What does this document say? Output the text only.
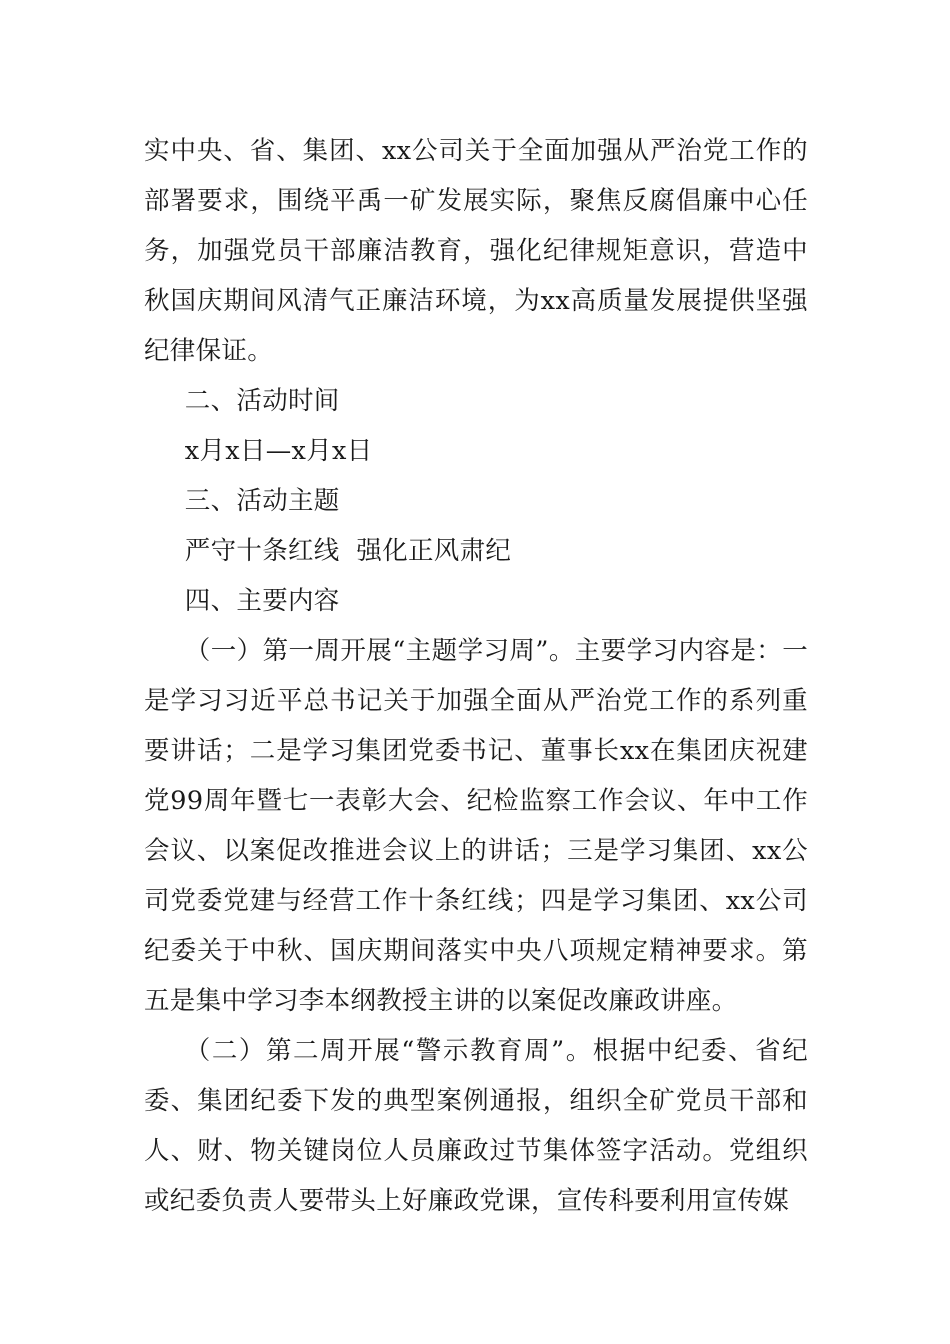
实中央、省、集团、xx公司关于全面加强从严治党工作的部署要求，围绕平禹一矿发展实际，聚焦反腐倡廉中心任务，加强党员干部廉洁教育，强化纪律规矩意识，营造中秋国庆期间风清气正廉洁环境，为xx高质量发展提供坚强纪律保证。

二、活动时间

x月x日—x月x日

三、活动主题

严守十条红线  强化正风肃纪

四、主要内容

（一）第一周开展“主题学习周”。主要学习内容是：一是学习习近平总书记关于加强全面从严治党工作的系列重要讲话；二是学习集团党委书记、董事长xx在集团庆祝建党99周年暨七一表彰大会、纪检监察工作会议、年中工作会议、以案促改推进会议上的讲话；三是学习集团、xx公司党委党建与经营工作十条红线；四是学习集团、xx公司纪委关于中秋、国庆期间落实中央八项规定精神要求。第五是集中学习李本纲教授主讲的以案促改廉政讲座。

（二）第二周开展“警示教育周”。根据中纪委、省纪委、集团纪委下发的典型案例通报，组织全矿党员干部和人、财、物关键岗位人员廉政过节集体签字活动。党组织或纪委负责人要带头上好廉政党课，宣传科要利用宣传媒
